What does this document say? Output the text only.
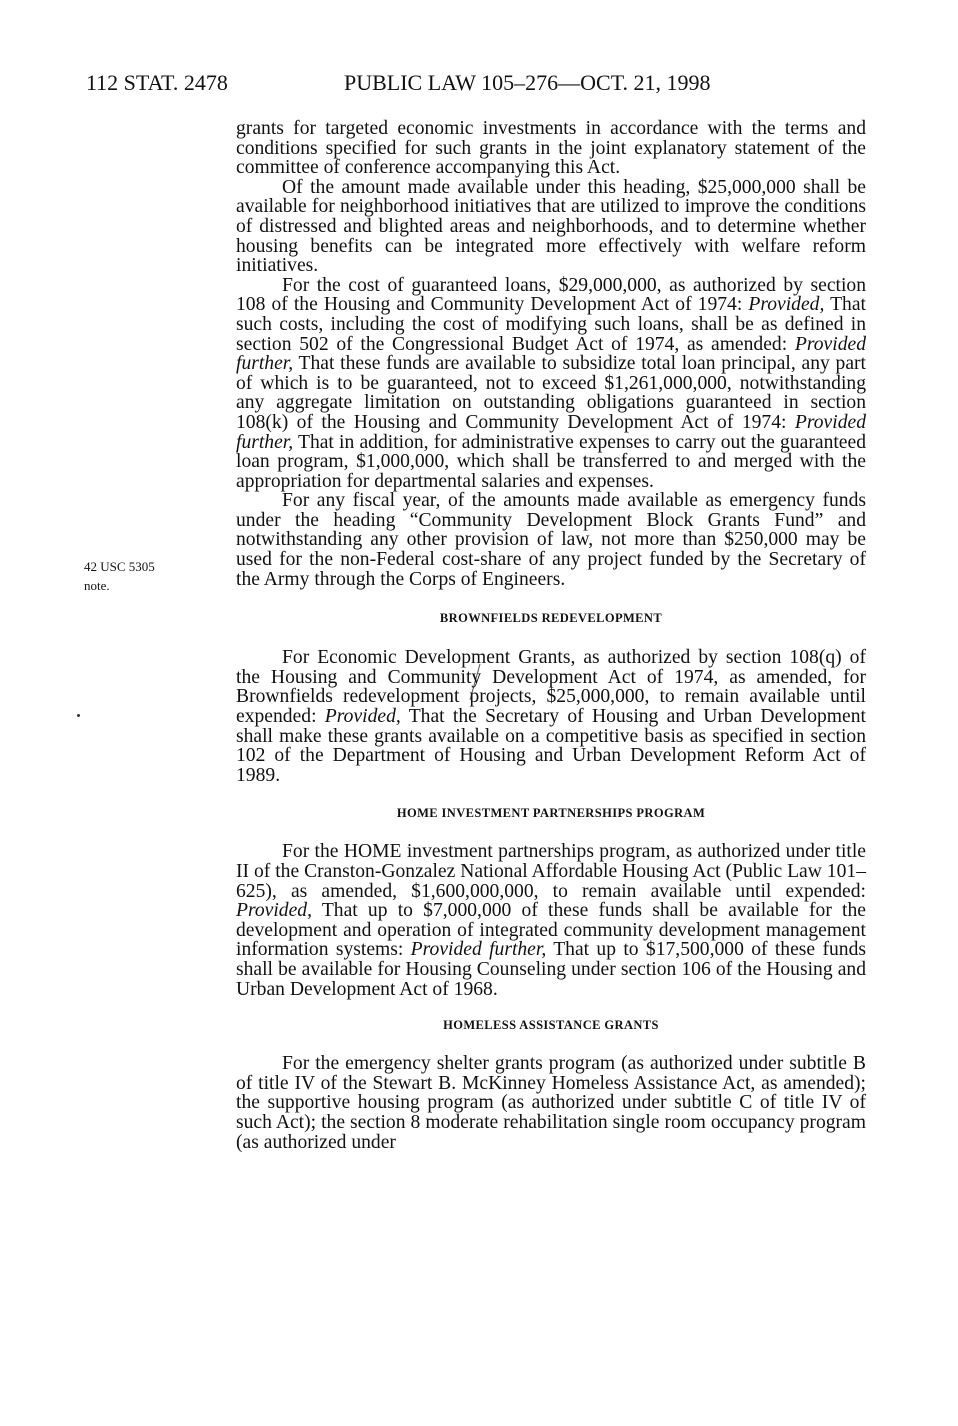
112 STAT. 2478	PUBLIC LAW 105–276—OCT. 21, 1998
42 USC 5305
note.

grants for targeted economic investments in accordance with the terms and conditions specified for such grants in the joint explanatory statement of the committee of conference accompanying this Act.

Of the amount made available under this heading, $25,000,000 shall be available for neighborhood initiatives that are utilized to improve the conditions of distressed and blighted areas and neighborhoods, and to determine whether housing benefits can be integrated more effectively with welfare reform initiatives.

For the cost of guaranteed loans, $29,000,000, as authorized by section 108 of the Housing and Community Development Act of 1974: Provided, That such costs, including the cost of modifying such loans, shall be as defined in section 502 of the Congressional Budget Act of 1974, as amended: Provided further, That these funds are available to subsidize total loan principal, any part of which is to be guaranteed, not to exceed $1,261,000,000, notwithstanding any aggregate limitation on outstanding obligations guaranteed in section 108(k) of the Housing and Community Development Act of 1974: Provided further, That in addition, for administrative expenses to carry out the guaranteed loan program, $1,000,000, which shall be transferred to and merged with the appropriation for departmental salaries and expenses.

For any fiscal year, of the amounts made available as emergency funds under the heading “Community Development Block Grants Fund” and notwithstanding any other provision of law, not more than $250,000 may be used for the non-Federal cost-share of any project funded by the Secretary of the Army through the Corps of Engineers.

BROWNFIELDS REDEVELOPMENT

For Economic Development Grants, as authorized by section 108(q) of the Housing and Community Development Act of 1974, as amended, for Brownfields redevelopment projects, $25,000,000, to remain available until expended: Provided, That the Secretary of Housing and Urban Development shall make these grants available on a competitive basis as specified in section 102 of the Department of Housing and Urban Development Reform Act of 1989.

HOME INVESTMENT PARTNERSHIPS PROGRAM

For the HOME investment partnerships program, as authorized under title II of the Cranston-Gonzalez National Affordable Housing Act (Public Law 101–625), as amended, $1,600,000,000, to remain available until expended: Provided, That up to $7,000,000 of these funds shall be available for the development and operation of integrated community development management information systems: Provided further, That up to $17,500,000 of these funds shall be available for Housing Counseling under section 106 of the Housing and Urban Development Act of 1968.

HOMELESS ASSISTANCE GRANTS

For the emergency shelter grants program (as authorized under subtitle B of title IV of the Stewart B. McKinney Homeless Assistance Act, as amended); the supportive housing program (as authorized under subtitle C of title IV of such Act); the section 8 moderate rehabilitation single room occupancy program (as authorized under
